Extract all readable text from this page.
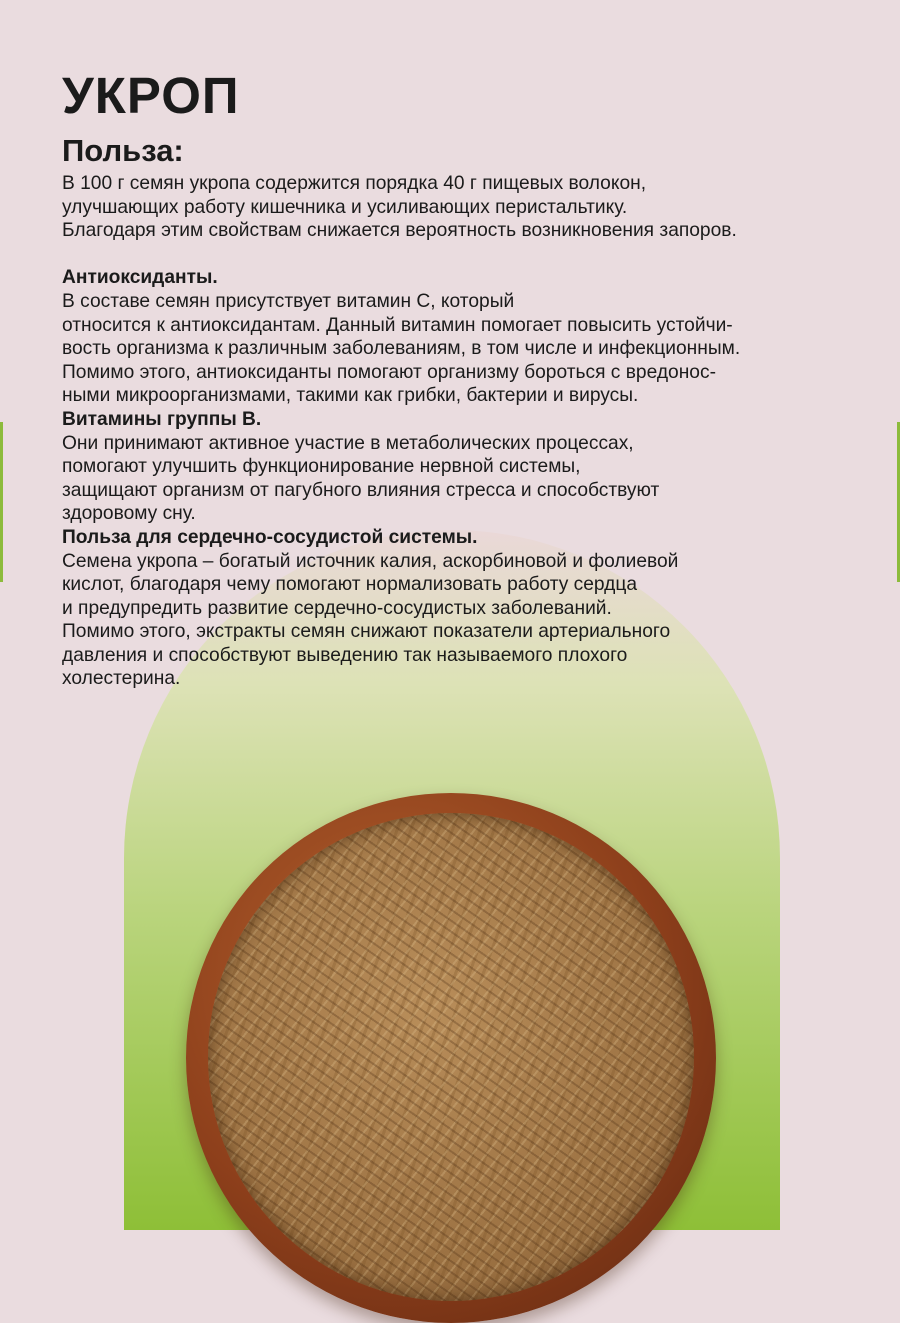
УКРОП
Польза:

В 100 г семян укропа содержится порядка 40 г пищевых волокон,

улучшающих работу кишечника и усиливающих перистальтику.

Благодаря этим свойствам снижается вероятность возникновения запоров.

Антиоксиданты.

В составе семян присутствует витамин С, который

относится к антиоксидантам. Данный витамин помогает повысить устойчи-

вость организма к различным заболеваниям, в том числе и инфекционным.

Помимо этого, антиоксиданты помогают организму бороться с вредонос-

ными микроорганизмами, такими как грибки, бактерии и вирусы.

Витамины группы В.

Они принимают активное участие в метаболических процессах,

помогают улучшить функционирование нервной системы,

защищают организм от пагубного влияния стресса и способствуют

здоровому сну.

Польза для сердечно-сосудистой системы.

Семена укропа – богатый источник калия, аскорбиновой и фолиевой

кислот, благодаря чему помогают нормализовать работу сердца

и предупредить развитие сердечно-сосудистых заболеваний.

Помимо этого, экстракты семян снижают показатели артериального

давления и способствуют выведению так называемого плохого

холестерина.
